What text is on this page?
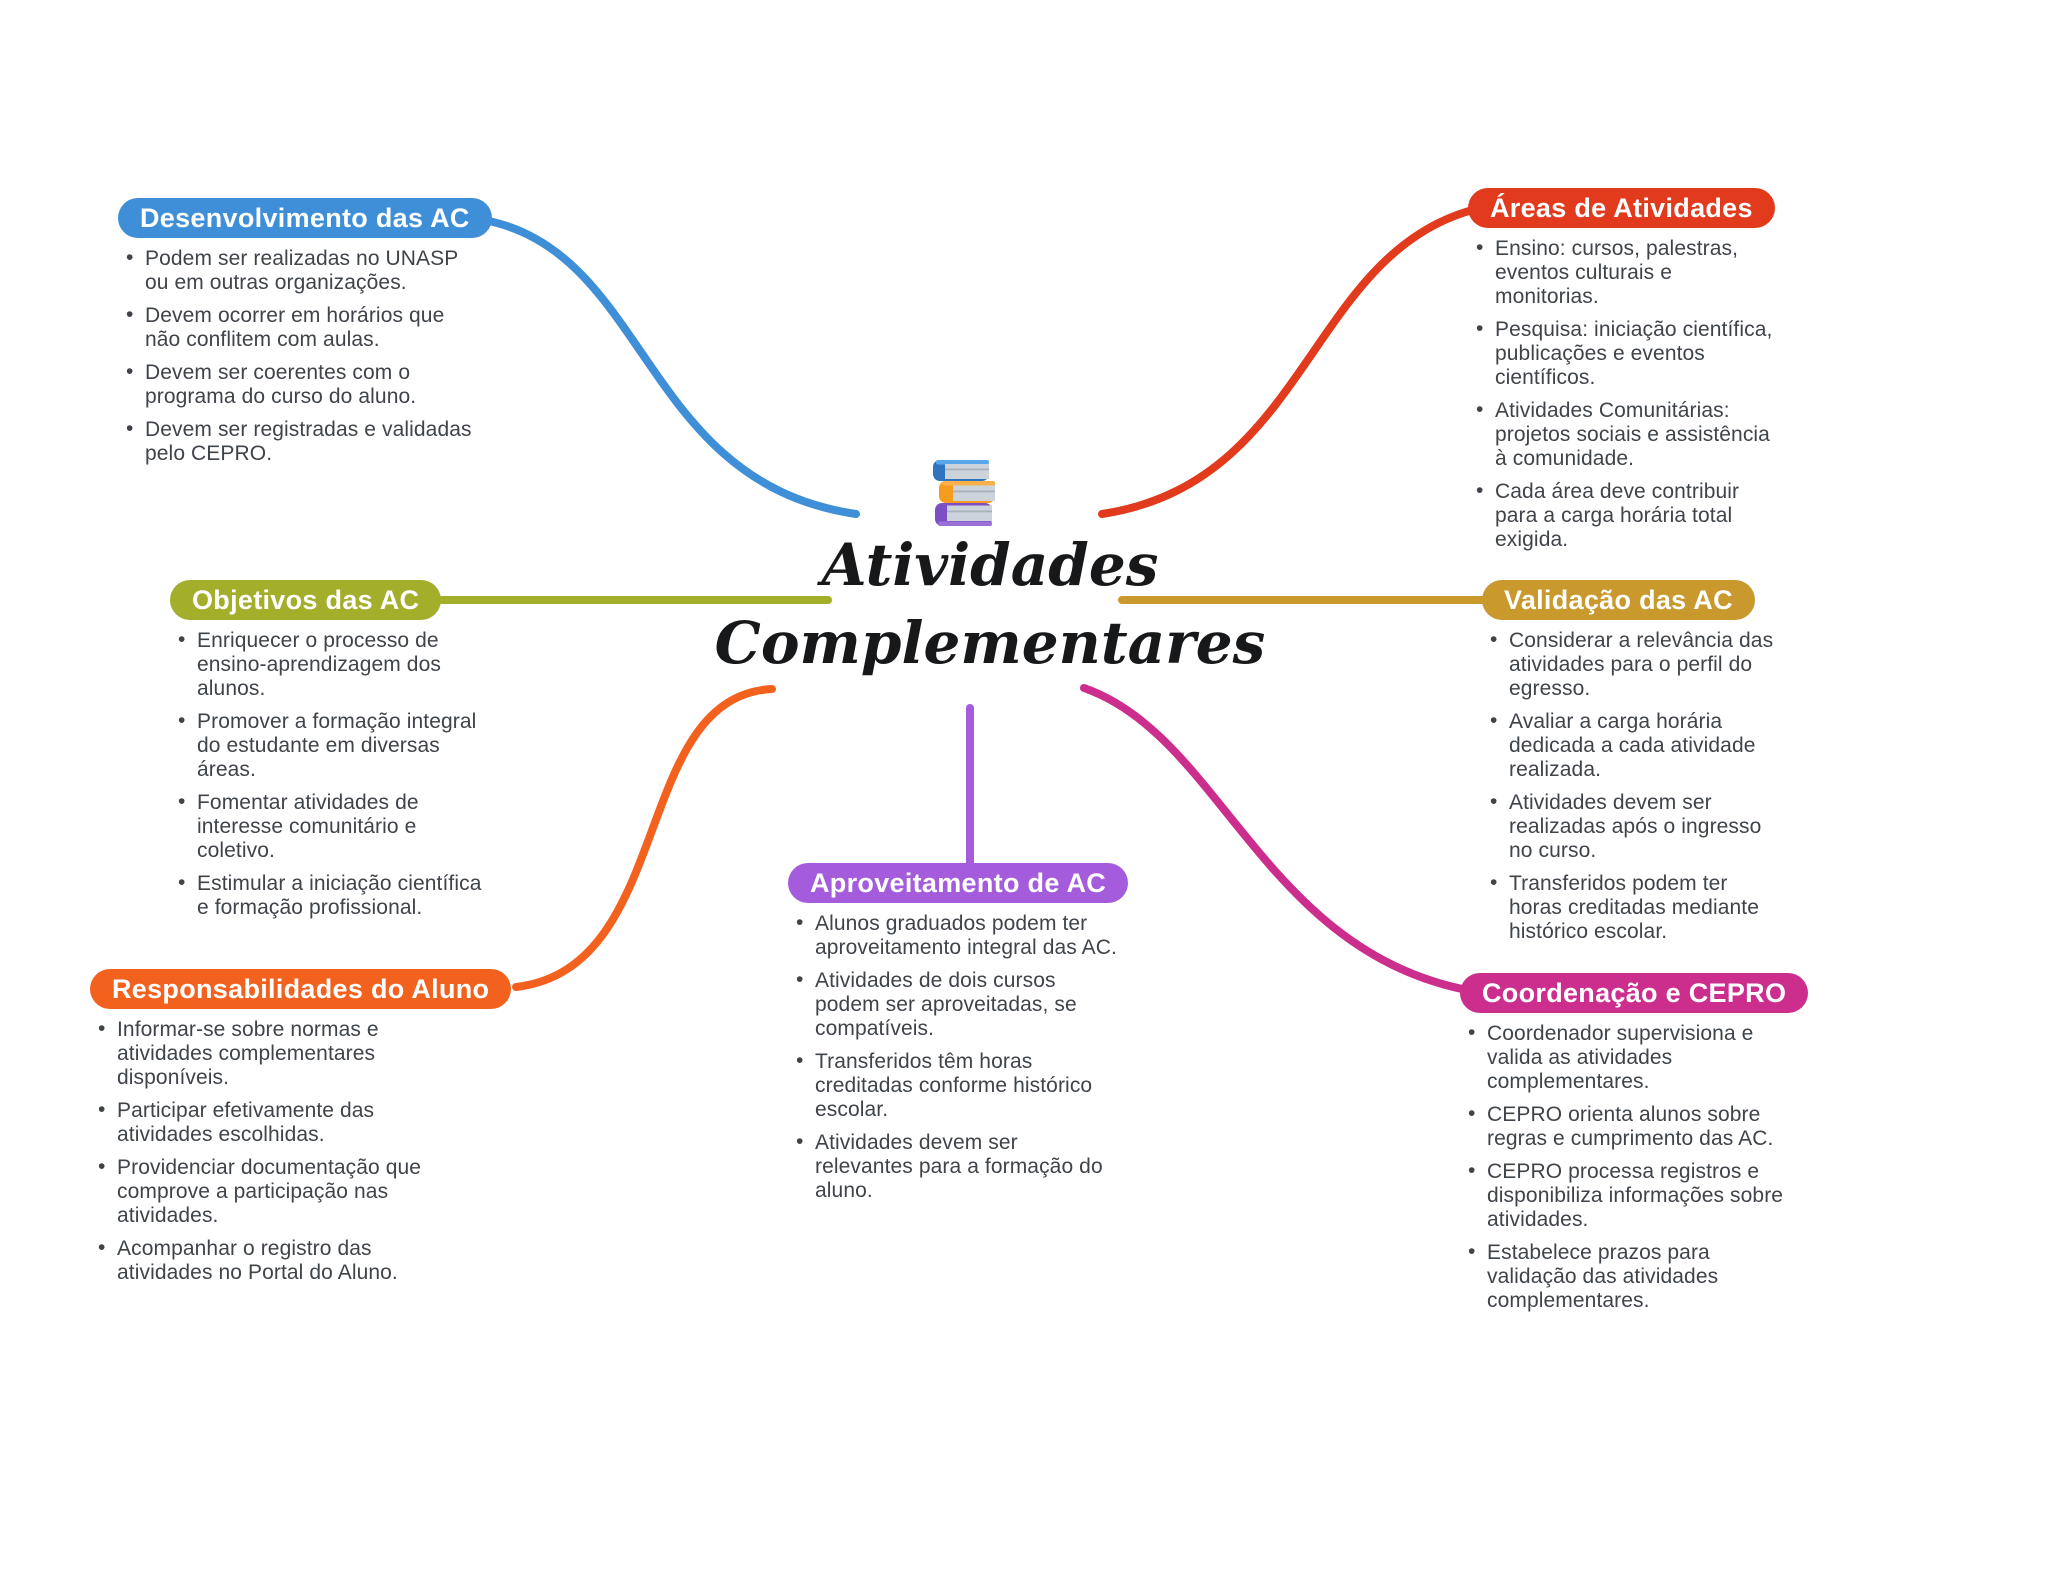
Atividades
Complementares
Desenvolvimento das AC
• Podem ser realizadas no UNASP ou em outras organizações.
• Devem ocorrer em horários que não conflitem com aulas.
• Devem ser coerentes com o programa do curso do aluno.
• Devem ser registradas e validadas pelo CEPRO.
Áreas de Atividades
• Ensino: cursos, palestras, eventos culturais e monitorias.
• Pesquisa: iniciação científica, publicações e eventos científicos.
• Atividades Comunitárias: projetos sociais e assistência à comunidade.
• Cada área deve contribuir para a carga horária total exigida.
Objetivos das AC
• Enriquecer o processo de ensino-aprendizagem dos alunos.
• Promover a formação integral do estudante em diversas áreas.
• Fomentar atividades de interesse comunitário e coletivo.
• Estimular a iniciação científica e formação profissional.
Validação das AC
• Considerar a relevância das atividades para o perfil do egresso.
• Avaliar a carga horária dedicada a cada atividade realizada.
• Atividades devem ser realizadas após o ingresso no curso.
• Transferidos podem ter horas creditadas mediante histórico escolar.
Responsabilidades do Aluno
• Informar-se sobre normas e atividades complementares disponíveis.
• Participar efetivamente das atividades escolhidas.
• Providenciar documentação que comprove a participação nas atividades.
• Acompanhar o registro das atividades no Portal do Aluno.
Aproveitamento de AC
• Alunos graduados podem ter aproveitamento integral das AC.
• Atividades de dois cursos podem ser aproveitadas, se compatíveis.
• Transferidos têm horas creditadas conforme histórico escolar.
• Atividades devem ser relevantes para a formação do aluno.
Coordenação e CEPRO
• Coordenador supervisiona e valida as atividades complementares.
• CEPRO orienta alunos sobre regras e cumprimento das AC.
• CEPRO processa registros e disponibiliza informações sobre atividades.
• Estabelece prazos para validação das atividades complementares.
